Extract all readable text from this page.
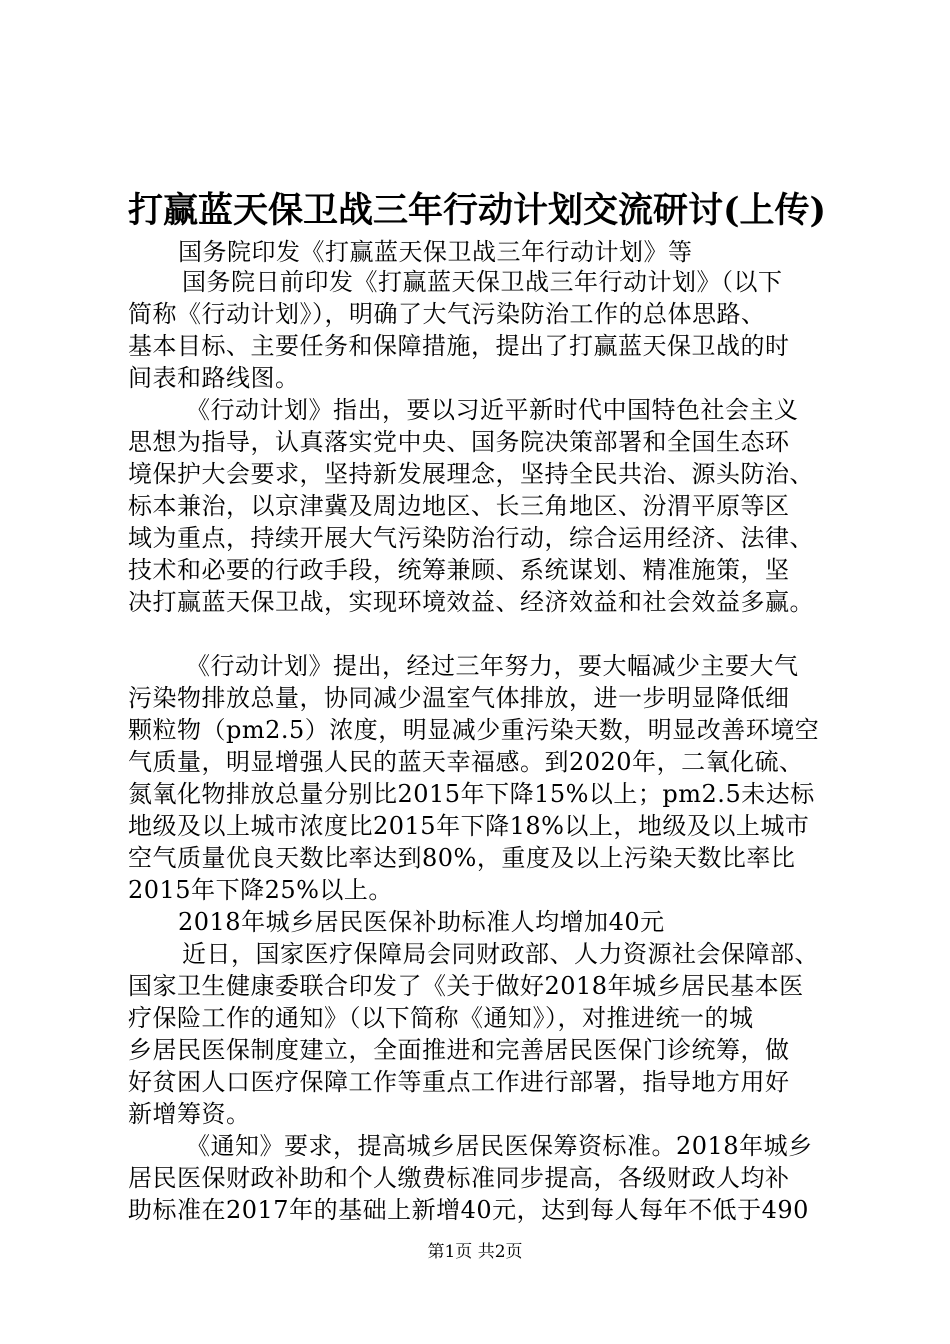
打赢蓝天保卫战三年行动计划交流研讨(上传)
国务院印发《打赢蓝天保卫战三年行动计划》等
国务院日前印发《打赢蓝天保卫战三年行动计划》（以下
简称《行动计划》），明确了大气污染防治工作的总体思路、
基本目标、主要任务和保障措施，提出了打赢蓝天保卫战的时
间表和路线图。
《行动计划》指出，要以习近平新时代中国特色社会主义
思想为指导，认真落实党中央、国务院决策部署和全国生态环
境保护大会要求，坚持新发展理念，坚持全民共治、源头防治、
标本兼治，以京津冀及周边地区、长三角地区、汾渭平原等区
域为重点，持续开展大气污染防治行动，综合运用经济、法律、
技术和必要的行政手段，统筹兼顾、系统谋划、精准施策，坚
决打赢蓝天保卫战，实现环境效益、经济效益和社会效益多赢。
《行动计划》提出，经过三年努力，要大幅减少主要大气
污染物排放总量，协同减少温室气体排放，进一步明显降低细
颗粒物（pm2.5）浓度，明显减少重污染天数，明显改善环境空
气质量，明显增强人民的蓝天幸福感。到2020年，二氧化硫、
氮氧化物排放总量分别比2015年下降15%以上；pm2.5未达标
地级及以上城市浓度比2015年下降18%以上，地级及以上城市
空气质量优良天数比率达到80%，重度及以上污染天数比率比
2015年下降25%以上。
2018年城乡居民医保补助标准人均增加40元
近日，国家医疗保障局会同财政部、人力资源社会保障部、
国家卫生健康委联合印发了《关于做好2018年城乡居民基本医
疗保险工作的通知》（以下简称《通知》），对推进统一的城
乡居民医保制度建立，全面推进和完善居民医保门诊统筹，做
好贫困人口医疗保障工作等重点工作进行部署，指导地方用好
新增筹资。
《通知》要求，提高城乡居民医保筹资标准。2018年城乡
居民医保财政补助和个人缴费标准同步提高，各级财政人均补
助标准在2017年的基础上新增40元，达到每人每年不低于490
第1页 共2页
